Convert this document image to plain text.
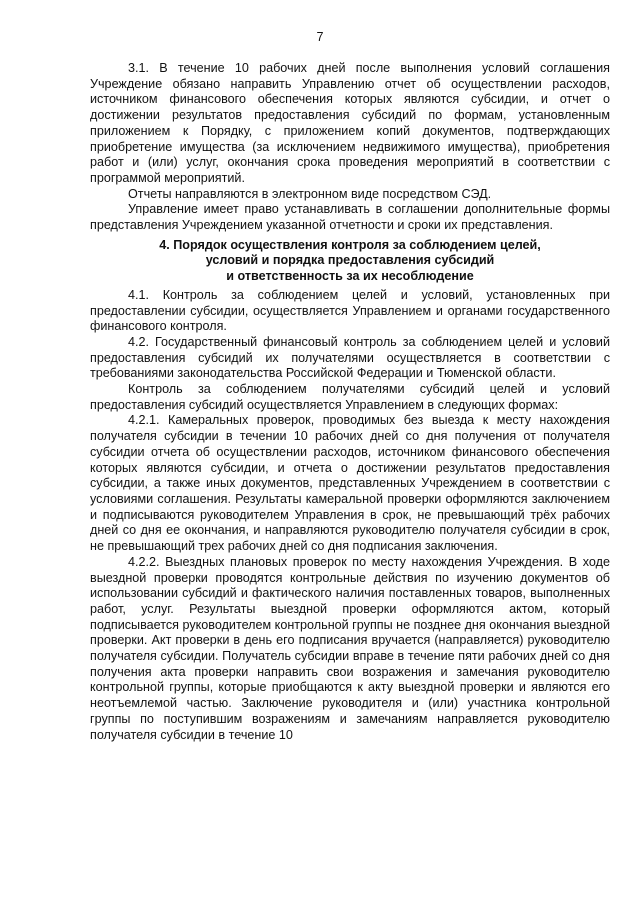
7

3.1. В течение 10 рабочих дней после выполнения условий соглашения Учреждение обязано направить Управлению отчет об осуществлении расходов, источником финансового обеспечения которых являются субсидии, и отчет о достижении результатов предоставления субсидий по формам, установленным приложением к Порядку, с приложением копий документов, подтверждающих приобретение имущества (за исключением недвижимого имущества), приобретения работ и (или) услуг, окончания срока проведения мероприятий в соответствии с программой мероприятий.

Отчеты направляются в электронном виде посредством СЭД.

Управление имеет право устанавливать в соглашении дополнительные формы представления Учреждением указанной отчетности и сроки их представления.

4. Порядок осуществления контроля за соблюдением целей,
условий и порядка предоставления субсидий
и ответственность за их несоблюдение

4.1. Контроль за соблюдением целей и условий, установленных при предоставлении субсидии, осуществляется Управлением и органами государственного финансового контроля.

4.2. Государственный финансовый контроль за соблюдением целей и условий предоставления субсидий их получателями осуществляется в соответствии с требованиями законодательства Российской Федерации и Тюменской области.

Контроль за соблюдением получателями субсидий целей и условий предоставления субсидий осуществляется Управлением в следующих формах:

4.2.1. Камеральных проверок, проводимых без выезда к месту нахождения получателя субсидии в течении 10 рабочих дней со дня получения от получателя субсидии отчета об осуществлении расходов, источником финансового обеспечения которых являются субсидии, и отчета о достижении результатов предоставления субсидии, а также иных документов, представленных Учреждением в соответствии с условиями соглашения. Результаты камеральной проверки оформляются заключением и подписываются руководителем Управления в срок, не превышающий трёх рабочих дней со дня ее окончания, и направляются руководителю получателя субсидии в срок, не превышающий трех рабочих дней со дня подписания заключения.

4.2.2. Выездных плановых проверок по месту нахождения Учреждения. В ходе выездной проверки проводятся контрольные действия по изучению документов об использовании субсидий и фактического наличия поставленных товаров, выполненных работ, услуг. Результаты выездной проверки оформляются актом, который подписывается руководителем контрольной группы не позднее дня окончания выездной проверки. Акт проверки в день его подписания вручается (направляется) руководителю получателя субсидии. Получатель субсидии вправе в течение пяти рабочих дней со дня получения акта проверки направить свои возражения и замечания руководителю контрольной группы, которые приобщаются к акту выездной проверки и являются его неотъемлемой частью. Заключение руководителя и (или) участника контрольной группы по поступившим возражениям и замечаниям направляется руководителю получателя субсидии в течение 10
